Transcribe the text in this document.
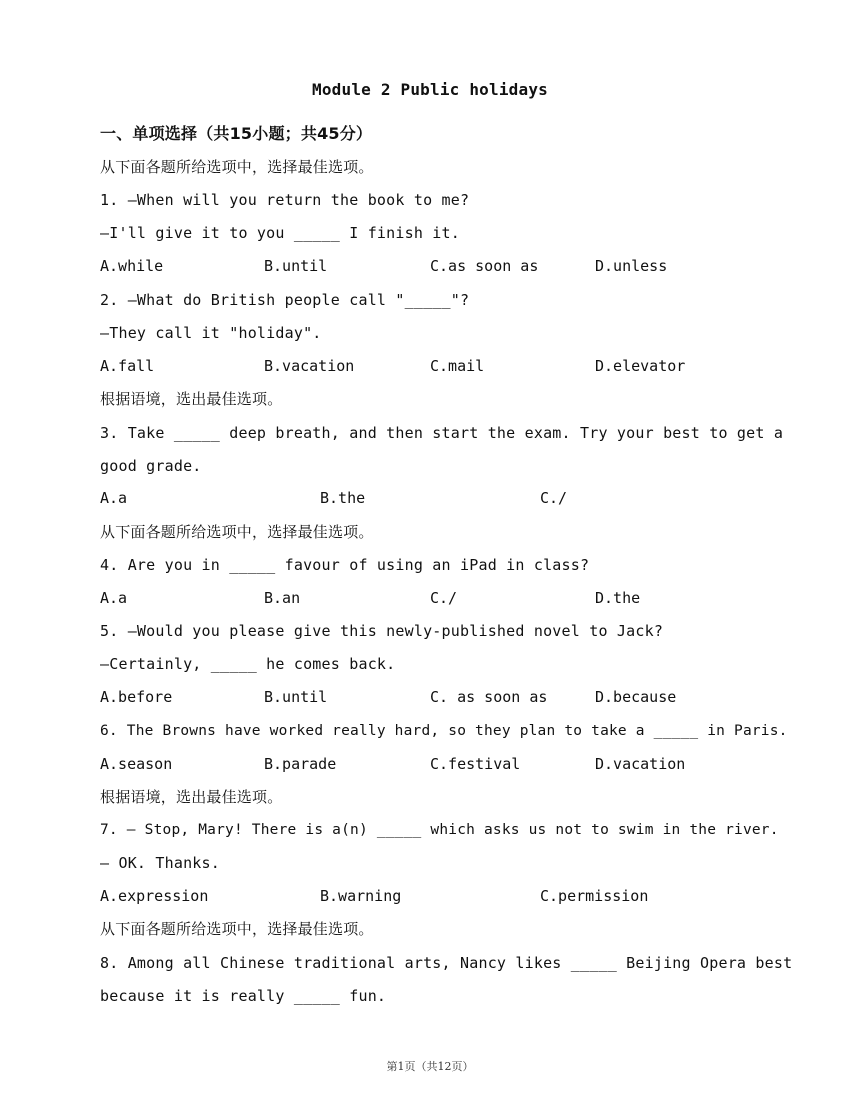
Module 2 Public holidays
一、单项选择（共15小题；共45分）
从下面各题所给选项中，选择最佳选项。
1. —When will you return the book to me?
—I'll give it to you _____ I finish it.
A.while	B.until	C.as soon as	D.unless
2. —What do British people call "_____"?
—They call it "holiday".
A.fall	B.vacation	C.mail	D.elevator
根据语境，选出最佳选项。
3. Take _____ deep breath, and then start the exam. Try your best to get a
good grade.
A.a	B.the	C./
从下面各题所给选项中，选择最佳选项。
4. Are you in _____ favour of using an iPad in class?
A.a	B.an	C./	D.the
5. —Would you please give this newly-published novel to Jack?
—Certainly, _____ he comes back.
A.before	B.until	C. as soon as	D.because
6. The Browns have worked really hard, so they plan to take a _____ in Paris.
A.season	B.parade	C.festival	D.vacation
根据语境，选出最佳选项。
7. — Stop, Mary! There is a(n) _____ which asks us not to swim in the river.
— OK. Thanks.
A.expression	B.warning	C.permission
从下面各题所给选项中，选择最佳选项。
8. Among all Chinese traditional arts, Nancy likes _____ Beijing Opera best
because it is really _____ fun.
第1页（共12页）
